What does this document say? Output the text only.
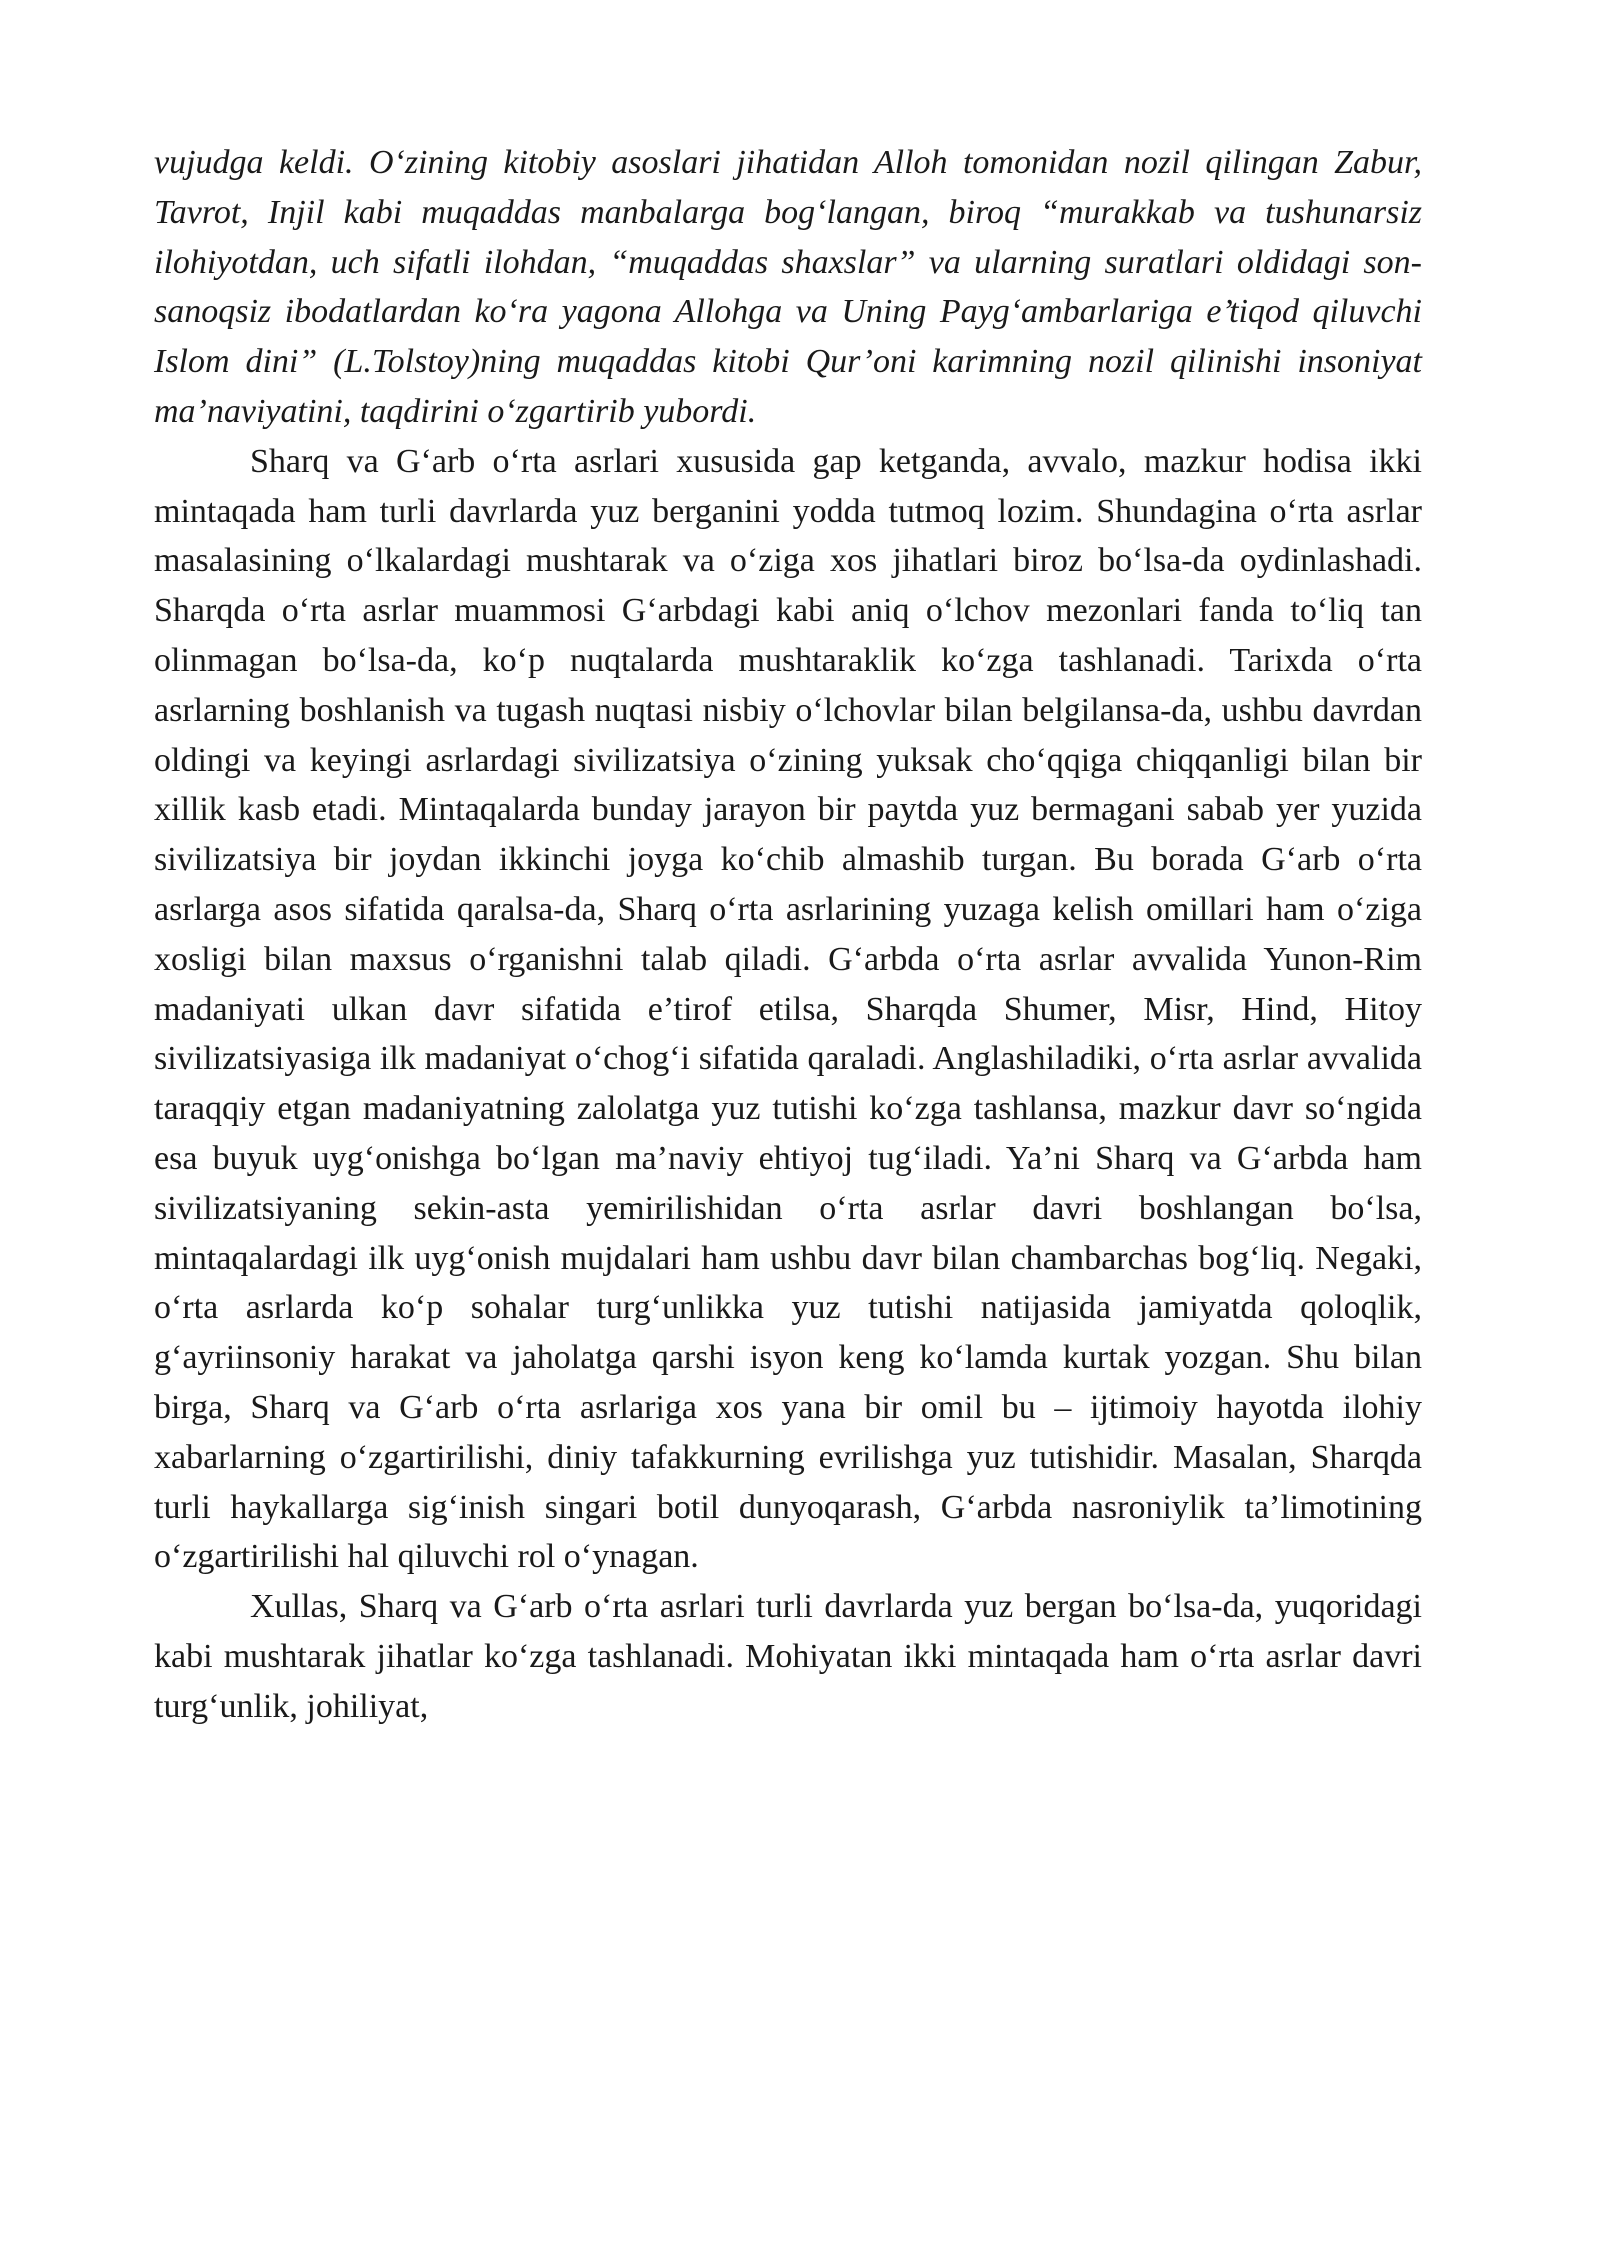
vujudga keldi. O‘zining kitobiy asoslari jihatidan Alloh tomonidan nozil qilingan Zabur, Tavrot, Injil kabi muqaddas manbalarga bog‘langan, biroq “murakkab va tushunarsiz ilohiyotdan, uch sifatli ilohdan, “muqaddas shaxslar” va ularning suratlari oldidagi son-sanoqsiz ibodatlardan ko‘ra yagona Allohga va Uning Payg‘ambarlariga e’tiqod qiluvchi Islom dini” (L.Tolstoy)ning muqaddas kitobi Qur’oni karimning nozil qilinishi insoniyat ma’naviyatini, taqdirini o‘zgartirib yubordi.

Sharq va G‘arb o‘rta asrlari xususida gap ketganda, avvalo, mazkur hodisa ikki mintaqada ham turli davrlarda yuz berganini yodda tutmoq lozim. Shundagina o‘rta asrlar masalasining o‘lkalardagi mushtarak va o‘ziga xos jihatlari biroz bo‘lsa-da oydinlashadi. Sharqda o‘rta asrlar muammosi G‘arbdagi kabi aniq o‘lchov mezonlari fanda to‘liq tan olinmagan bo‘lsa-da, ko‘p nuqtalarda mushtaraklik ko‘zga tashlanadi. Tarixda o‘rta asrlarning boshlanish va tugash nuqtasi nisbiy o‘lchovlar bilan belgilansa-da, ushbu davrdan oldingi va keyingi asrlardagi sivilizatsiya o‘zining yuksak cho‘qqiga chiqqanligi bilan bir xillik kasb etadi. Mintaqalarda bunday jarayon bir paytda yuz bermagani sabab yer yuzida sivilizatsiya bir joydan ikkinchi joyga ko‘chib almashib turgan. Bu borada G‘arb o‘rta asrlarga asos sifatida qaralsa-da, Sharq o‘rta asrlarining yuzaga kelish omillari ham o‘ziga xosligi bilan maxsus o‘rganishni talab qiladi. G‘arbda o‘rta asrlar avvalida Yunon-Rim madaniyati ulkan davr sifatida e’tirof etilsa, Sharqda Shumer, Misr, Hind, Hitoy sivilizatsiyasiga ilk madaniyat o‘chog‘i sifatida qaraladi. Anglashiladiki, o‘rta asrlar avvalida taraqqiy etgan madaniyatning zalolatga yuz tutishi ko‘zga tashlansa, mazkur davr so‘ngida esa buyuk uyg‘onishga bo‘lgan ma’naviy ehtiyoj tug‘iladi. Ya’ni Sharq va G‘arbda ham sivilizatsiyaning sekin-asta yemirilishidan o‘rta asrlar davri boshlangan bo‘lsa, mintaqalardagi ilk uyg‘onish mujdalari ham ushbu davr bilan chambarchas bog‘liq. Negaki, o‘rta asrlarda ko‘p sohalar turg‘unlikka yuz tutishi natijasida jamiyatda qoloqlik, g‘ayriinsoniy harakat va jaholatga qarshi isyon keng ko‘lamda kurtak yozgan. Shu bilan birga, Sharq va G‘arb o‘rta asrlariga xos yana bir omil bu – ijtimoiy hayotda ilohiy xabarlarning o‘zgartirilishi, diniy tafakkurning evrilishga yuz tutishidir. Masalan, Sharqda turli haykallarga sig‘inish singari botil dunyoqarash, G‘arbda nasroniylik ta’limotining o‘zgartirilishi hal qiluvchi rol o‘ynagan.

Xullas, Sharq va G‘arb o‘rta asrlari turli davrlarda yuz bergan bo‘lsa-da, yuqoridagi kabi mushtarak jihatlar ko‘zga tashlanadi. Mohiyatan ikki mintaqada ham o‘rta asrlar davri turg‘unlik, johiliyat,
